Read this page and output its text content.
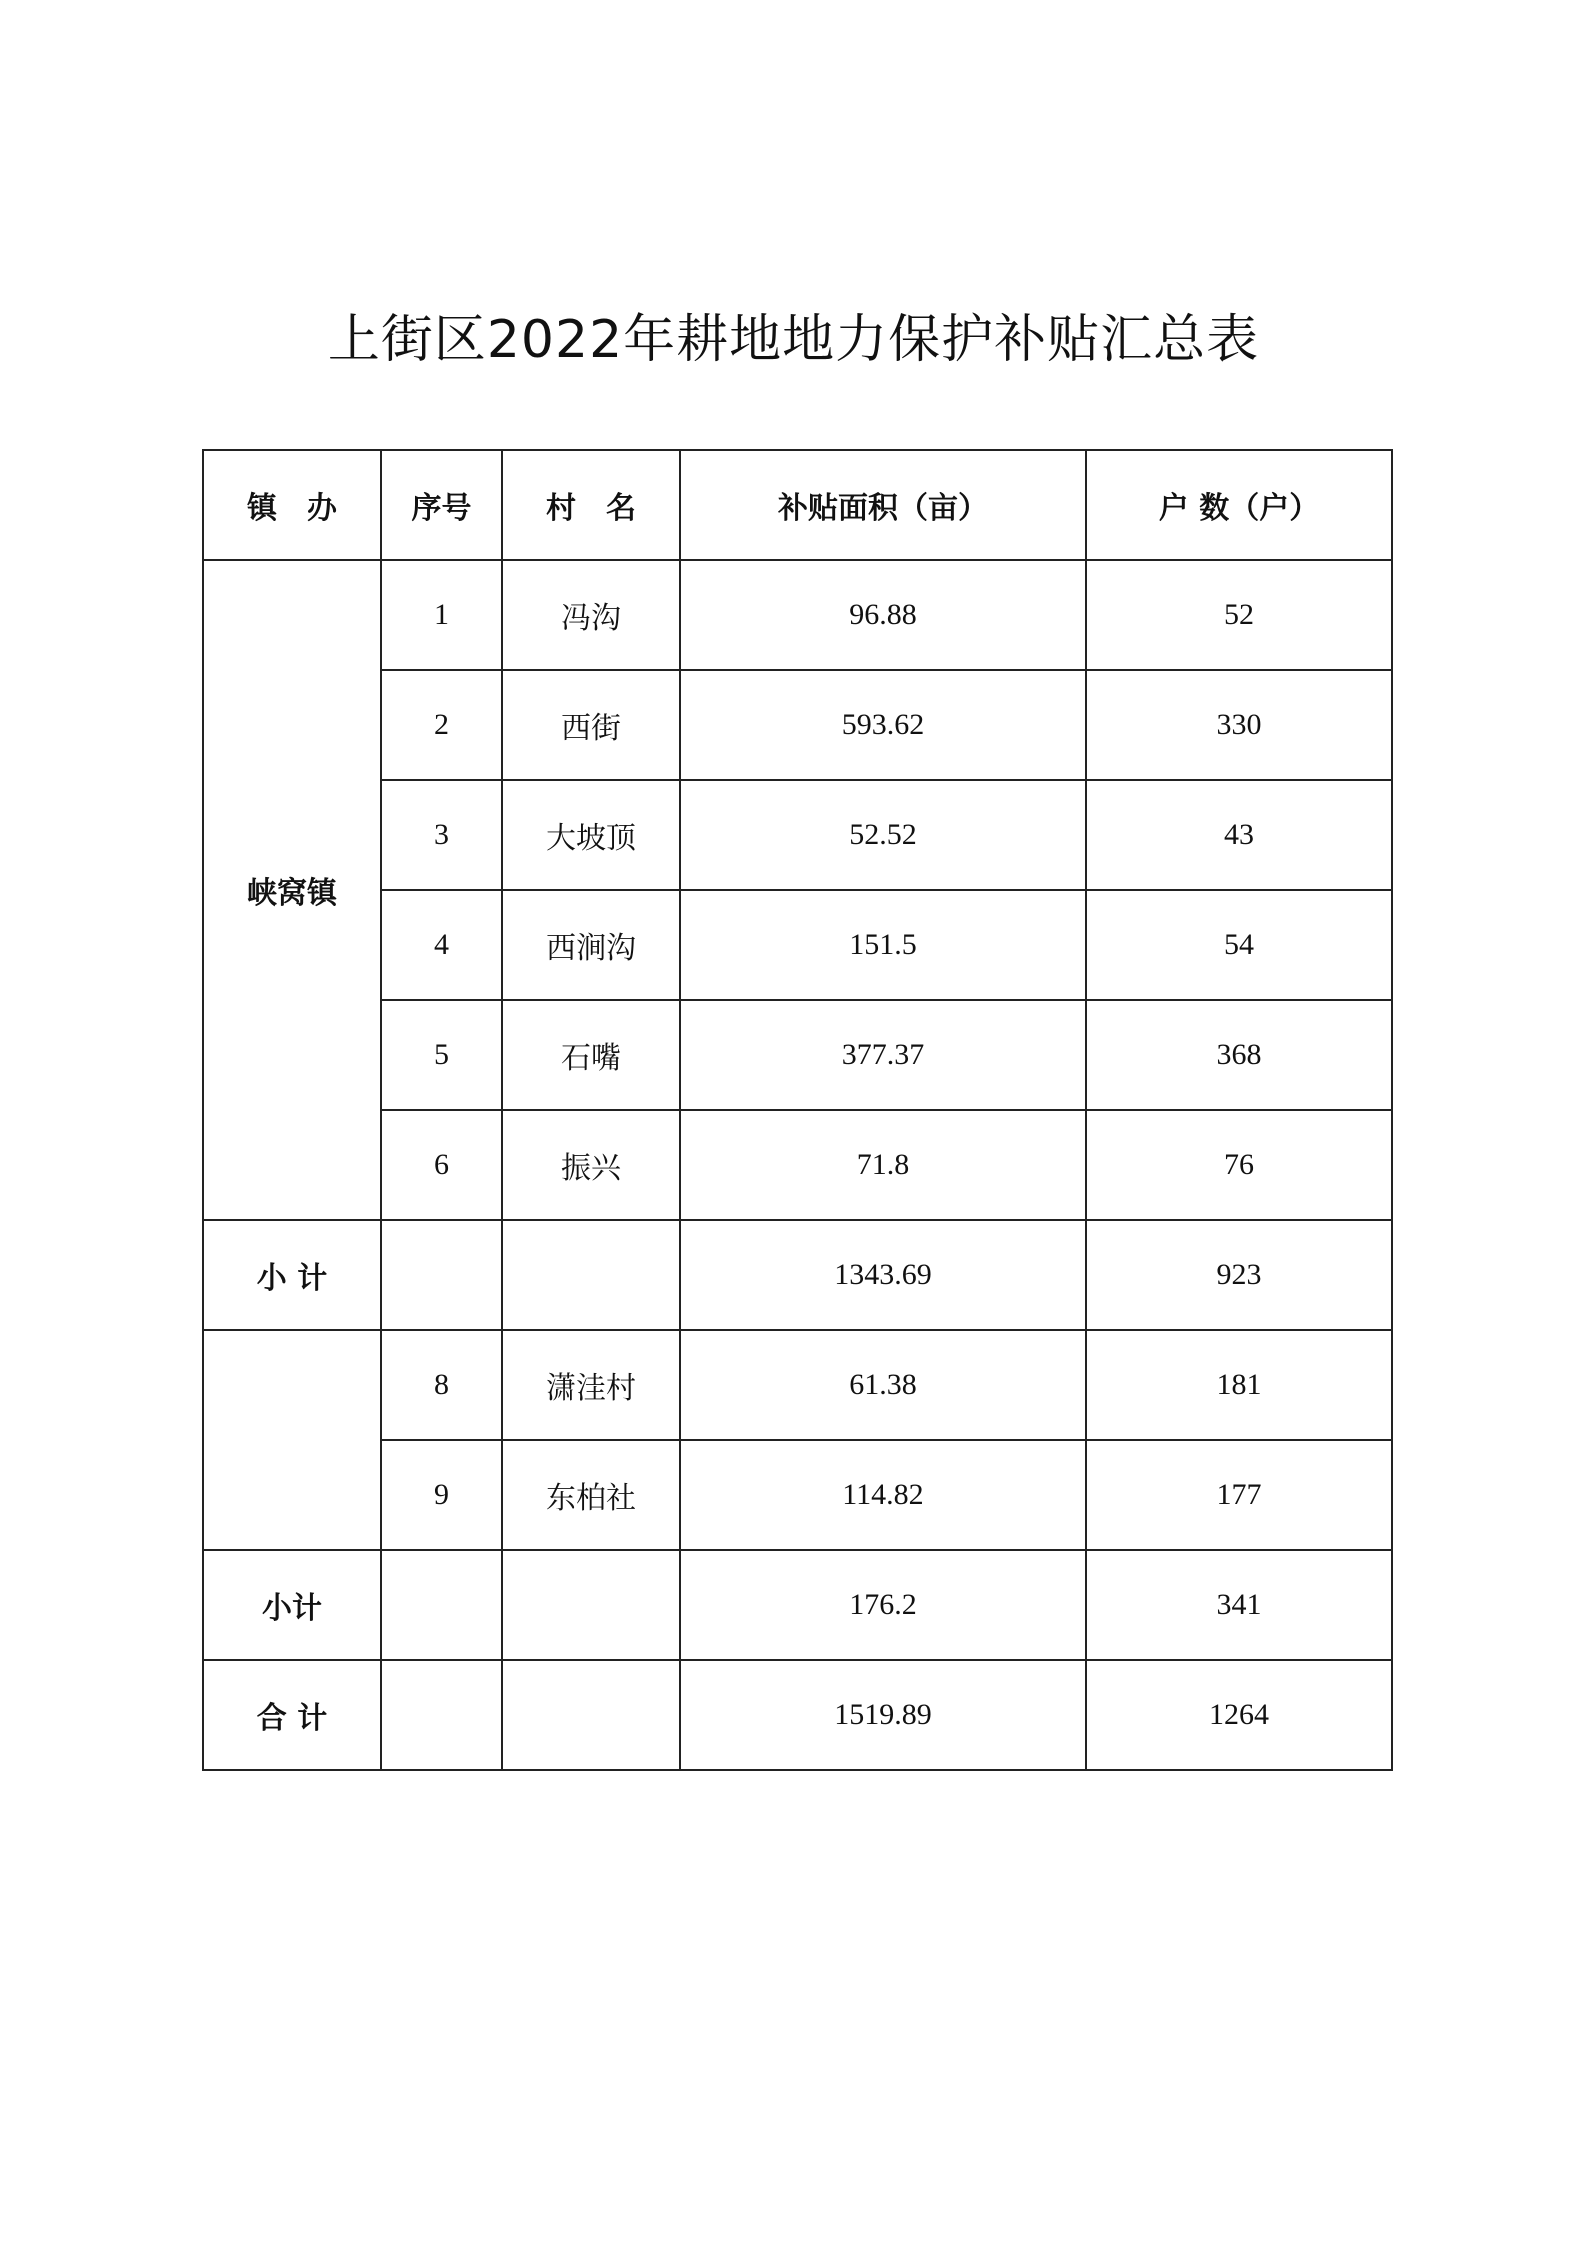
上街区2022年耕地地力保护补贴汇总表
镇　办	序号	村　名	补贴面积（亩）	户 数（户）
峡窝镇	1	冯沟	96.88	52
	2	西街	593.62	330
	3	大坡顶	52.52	43
	4	西涧沟	151.5	54
	5	石嘴	377.37	368
	6	振兴	71.8	76
小 计			1343.69	923
	8	潇洼村	61.38	181
	9	东柏社	114.82	177
小计			176.2	341
合 计			1519.89	1264
